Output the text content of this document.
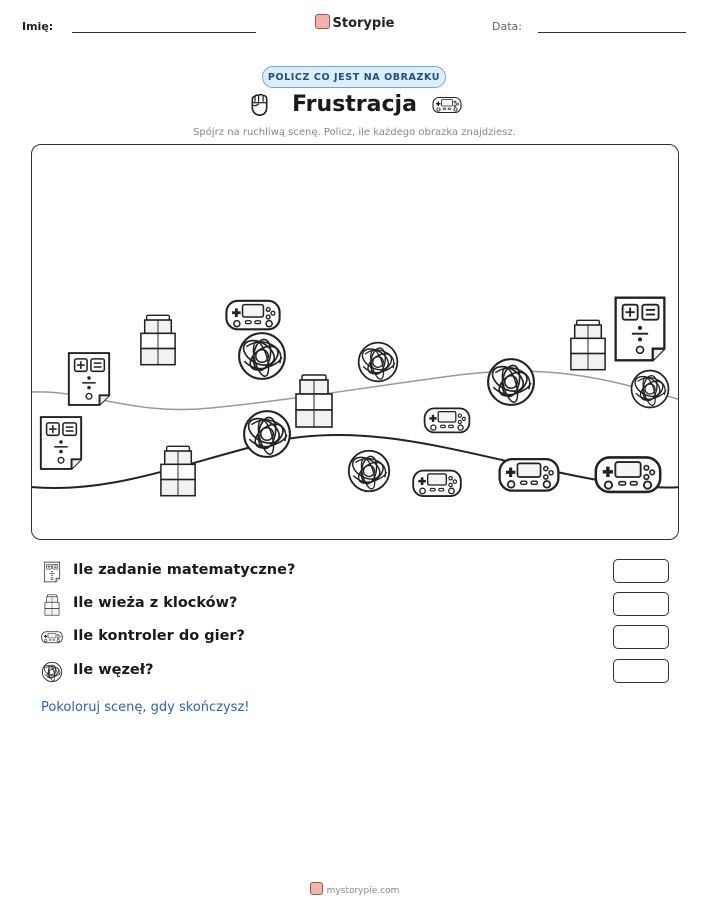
Imię:	Storypie	Data:
POLICZ CO JEST NA OBRAZKU
Frustracja
Spójrz na ruchliwą scenę. Policz, ile każdego obrazka znajdziesz.
Ile zadanie matematyczne?
Ile wieża z klocków?
Ile kontroler do gier?
Ile węzeł?
Pokoloruj scenę, gdy skończysz!
mystorypie.com
